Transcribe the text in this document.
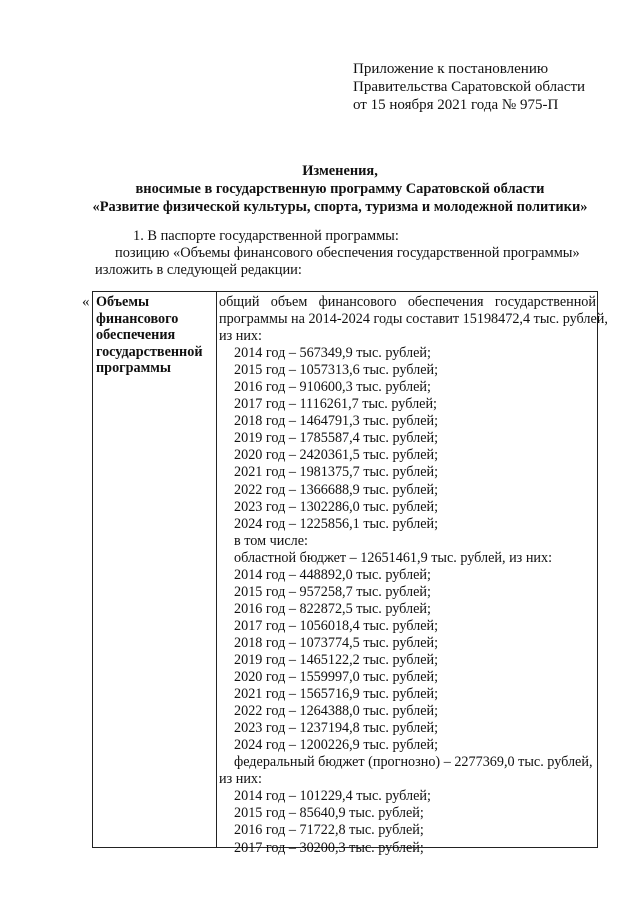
Приложение к постановлению
Правительства Саратовской области
от 15 ноября 2021 года № 975-П
Изменения,
вносимые в государственную программу Саратовской области
«Развитие физической культуры, спорта, туризма и молодежной политики»
1. В паспорте государственной программы:
позицию «Объемы финансового обеспечения государственной программы»
изложить в следующей редакции:
« Объемы
финансового
обеспечения
государственной
программы
общий объем финансового обеспечения государственной
программы на 2014-2024 годы составит 15198472,4 тыс. рублей,
из них:
2014 год – 567349,9 тыс. рублей;
2015 год – 1057313,6 тыс. рублей;
2016 год – 910600,3 тыс. рублей;
2017 год – 1116261,7 тыс. рублей;
2018 год – 1464791,3 тыс. рублей;
2019 год – 1785587,4 тыс. рублей;
2020 год – 2420361,5 тыс. рублей;
2021 год – 1981375,7 тыс. рублей;
2022 год – 1366688,9 тыс. рублей;
2023 год – 1302286,0 тыс. рублей;
2024 год – 1225856,1 тыс. рублей;
в том числе:
областной бюджет – 12651461,9 тыс. рублей, из них:
2014 год – 448892,0 тыс. рублей;
2015 год – 957258,7 тыс. рублей;
2016 год – 822872,5 тыс. рублей;
2017 год – 1056018,4 тыс. рублей;
2018 год – 1073774,5 тыс. рублей;
2019 год – 1465122,2 тыс. рублей;
2020 год – 1559997,0 тыс. рублей;
2021 год – 1565716,9 тыс. рублей;
2022 год – 1264388,0 тыс. рублей;
2023 год – 1237194,8 тыс. рублей;
2024 год – 1200226,9 тыс. рублей;
федеральный бюджет (прогнозно) – 2277369,0 тыс. рублей,
из них:
2014 год – 101229,4 тыс. рублей;
2015 год – 85640,9 тыс. рублей;
2016 год – 71722,8 тыс. рублей;
2017 год – 30200,3 тыс. рублей;
